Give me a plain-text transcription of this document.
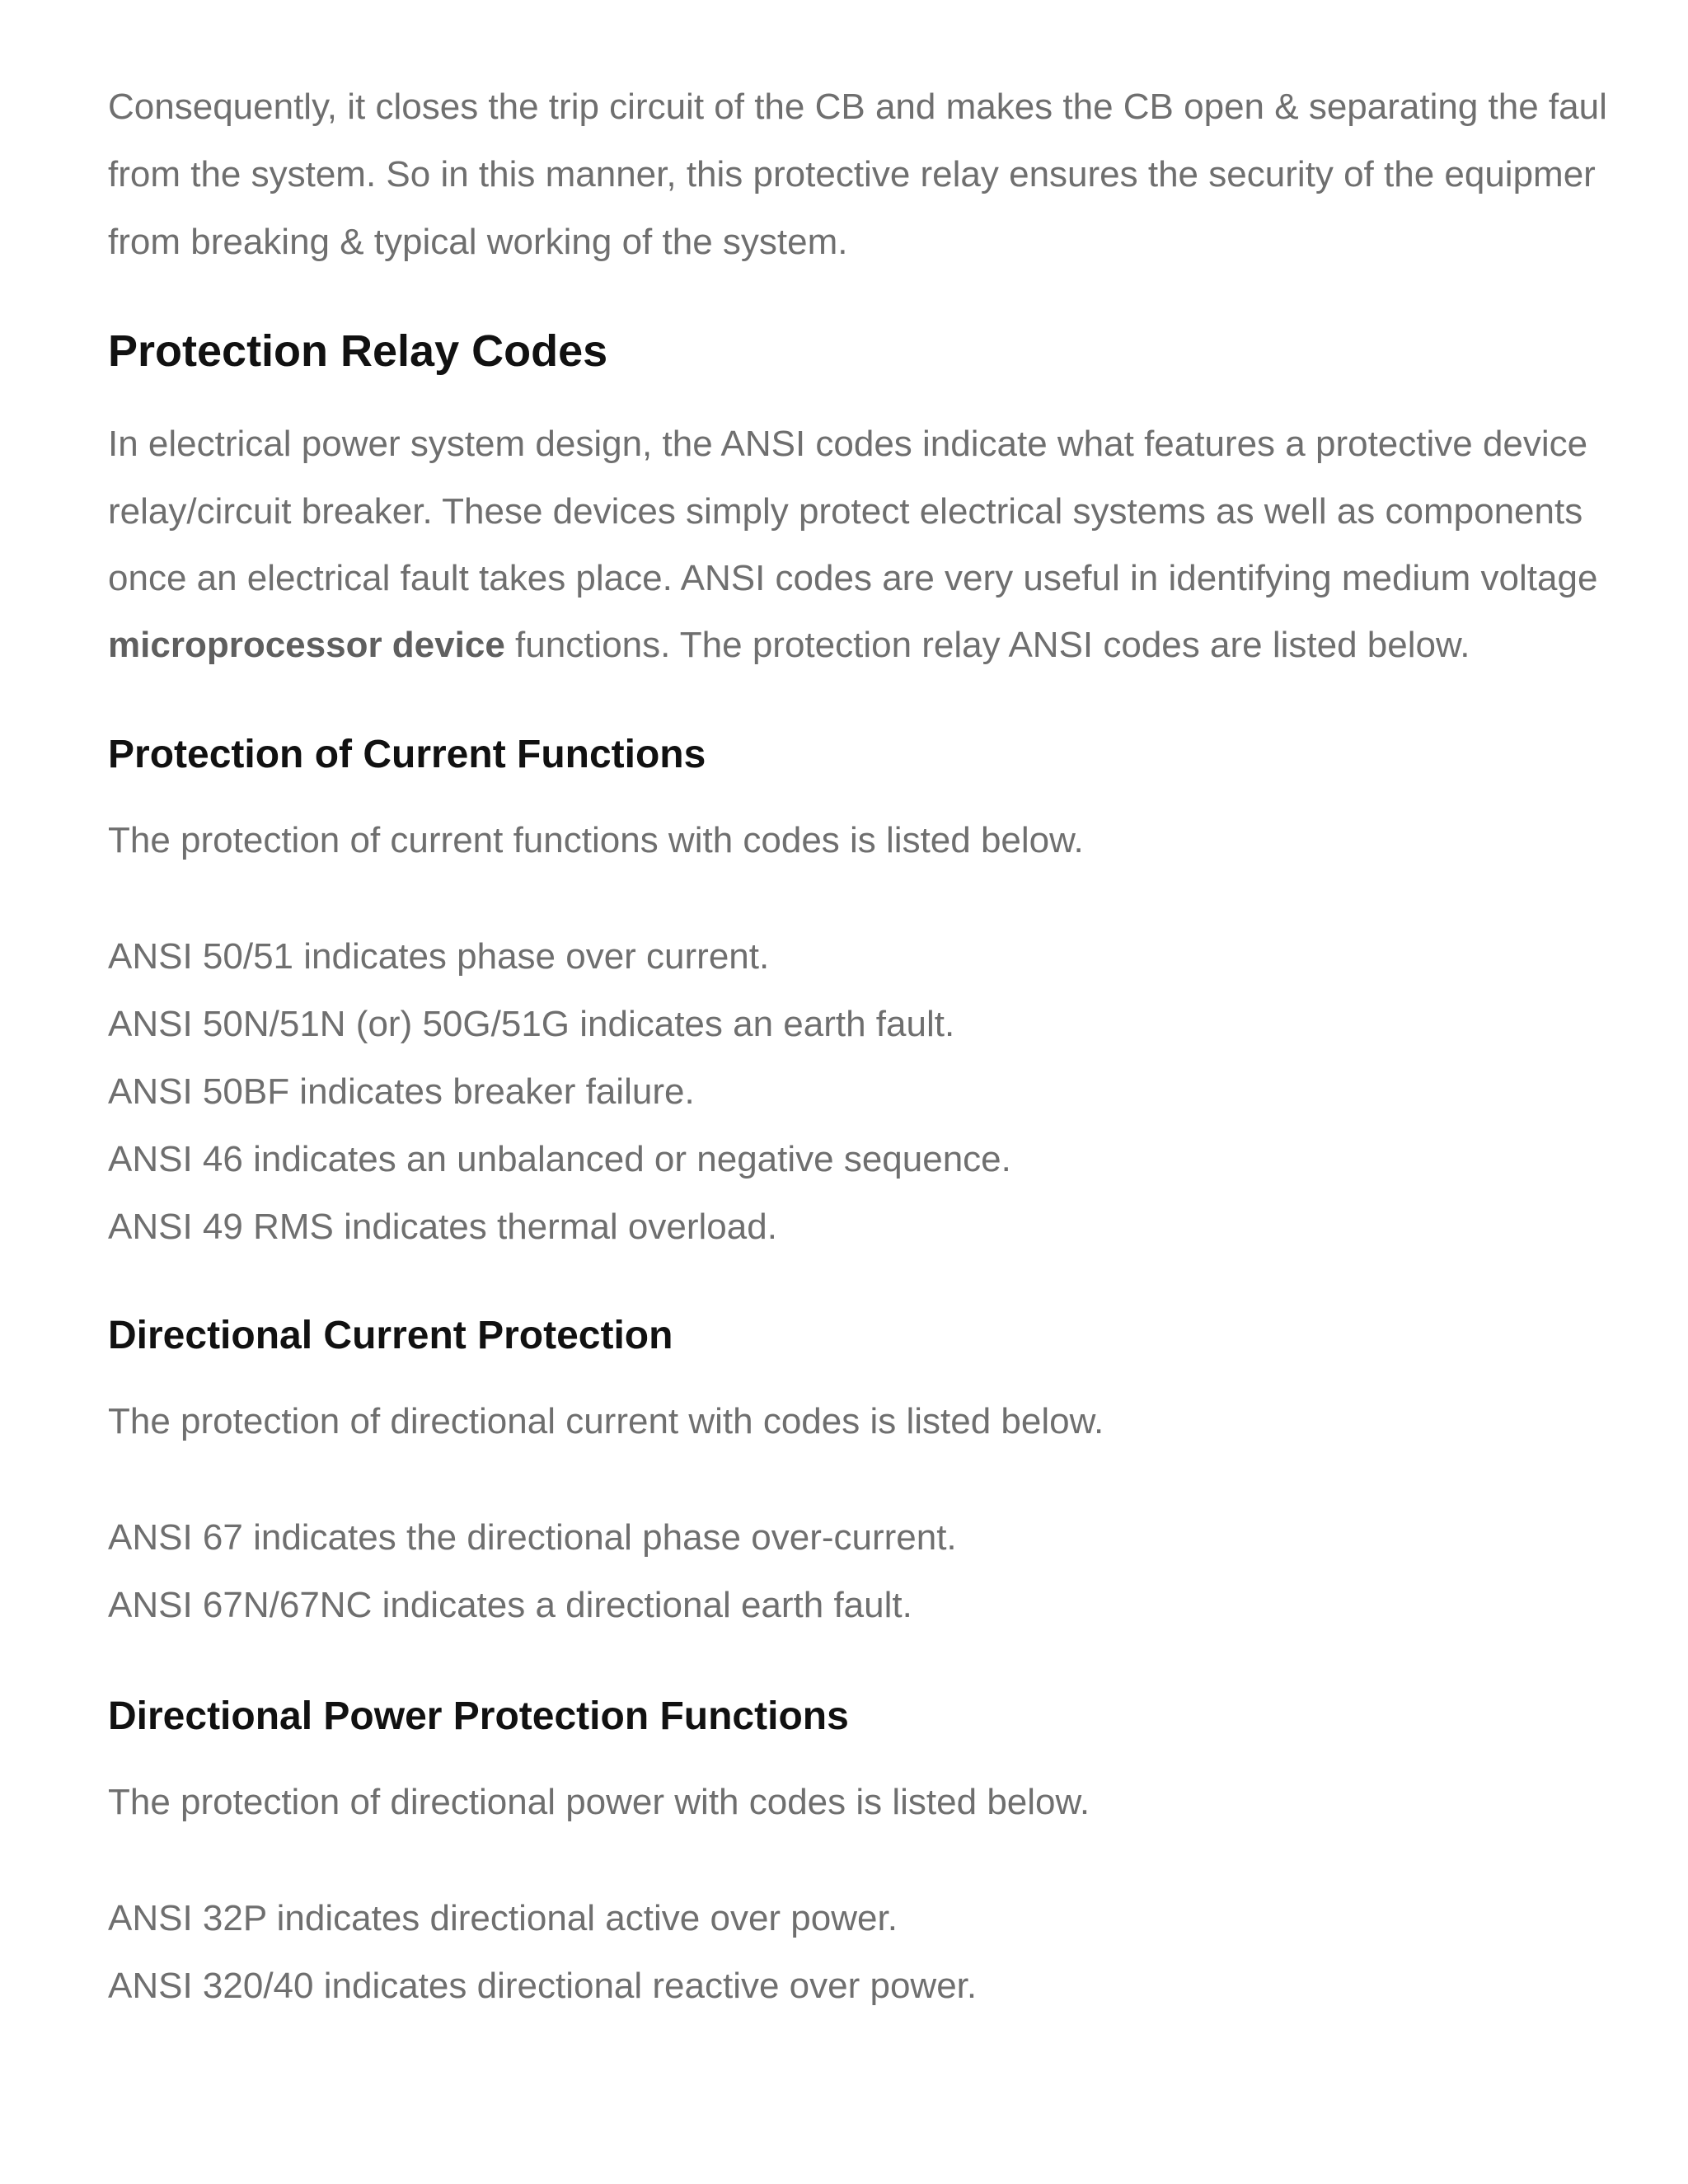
Consequently, it closes the trip circuit of the CB and makes the CB open & separating the faul

from the system. So in this manner, this protective relay ensures the security of the equipmer

from breaking & typical working of the system.

Protection Relay Codes

In electrical power system design, the ANSI codes indicate what features a protective device

relay/circuit breaker. These devices simply protect electrical systems as well as components

once an electrical fault takes place. ANSI codes are very useful in identifying medium voltage

microprocessor device functions. The protection relay ANSI codes are listed below.

Protection of Current Functions

The protection of current functions with codes is listed below.

ANSI 50/51 indicates phase over current.

ANSI 50N/51N (or) 50G/51G indicates an earth fault.

ANSI 50BF indicates breaker failure.

ANSI 46 indicates an unbalanced or negative sequence.

ANSI 49 RMS indicates thermal overload.

Directional Current Protection

The protection of directional current with codes is listed below.

ANSI 67 indicates the directional phase over-current.

ANSI 67N/67NC indicates a directional earth fault.

Directional Power Protection Functions

The protection of directional power with codes is listed below.

ANSI 32P indicates directional active over power.

ANSI 320/40 indicates directional reactive over power.
